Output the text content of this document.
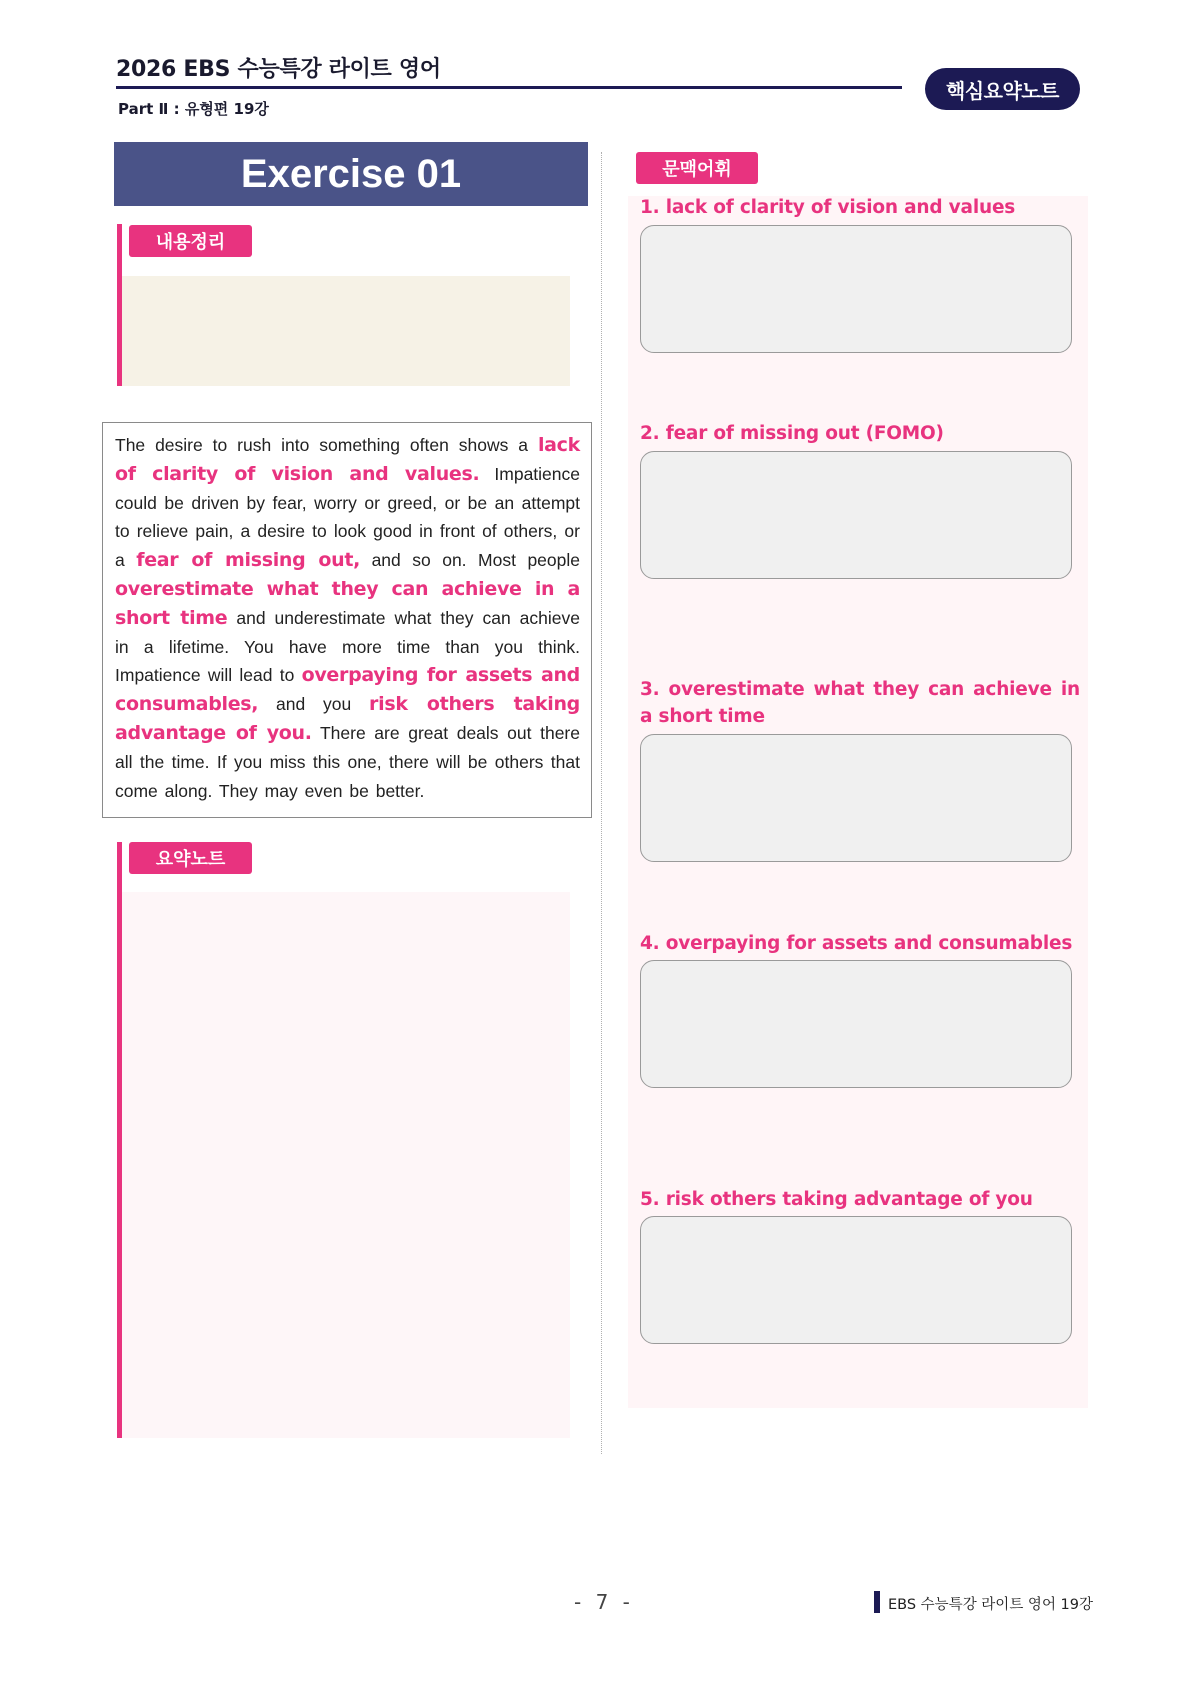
2026 EBS 수능특강 라이트 영어
Part Ⅱ : 유형편 19강
핵심요약노트
Exercise 01
내용정리

The desire to rush into something often shows a lack of clarity of vision and values. Impatience could be driven by fear, worry or greed, or be an attempt to relieve pain, a desire to look good in front of others, or a fear of missing out, and so on. Most people overestimate what they can achieve in a short time and underestimate what they can achieve in a lifetime. You have more time than you think. Impatience will lead to overpaying for assets and consumables, and you risk others taking advantage of you. There are great deals out there all the time. If you miss this one, there will be others that come along. They may even be better.

요약노트
문맥어휘
1. lack of clarity of vision and values
2. fear of missing out (FOMO)
3. overestimate what they can achieve in a short time
4. overpaying for assets and consumables
5. risk others taking advantage of you
- 7 -	EBS 수능특강 라이트 영어 19강
